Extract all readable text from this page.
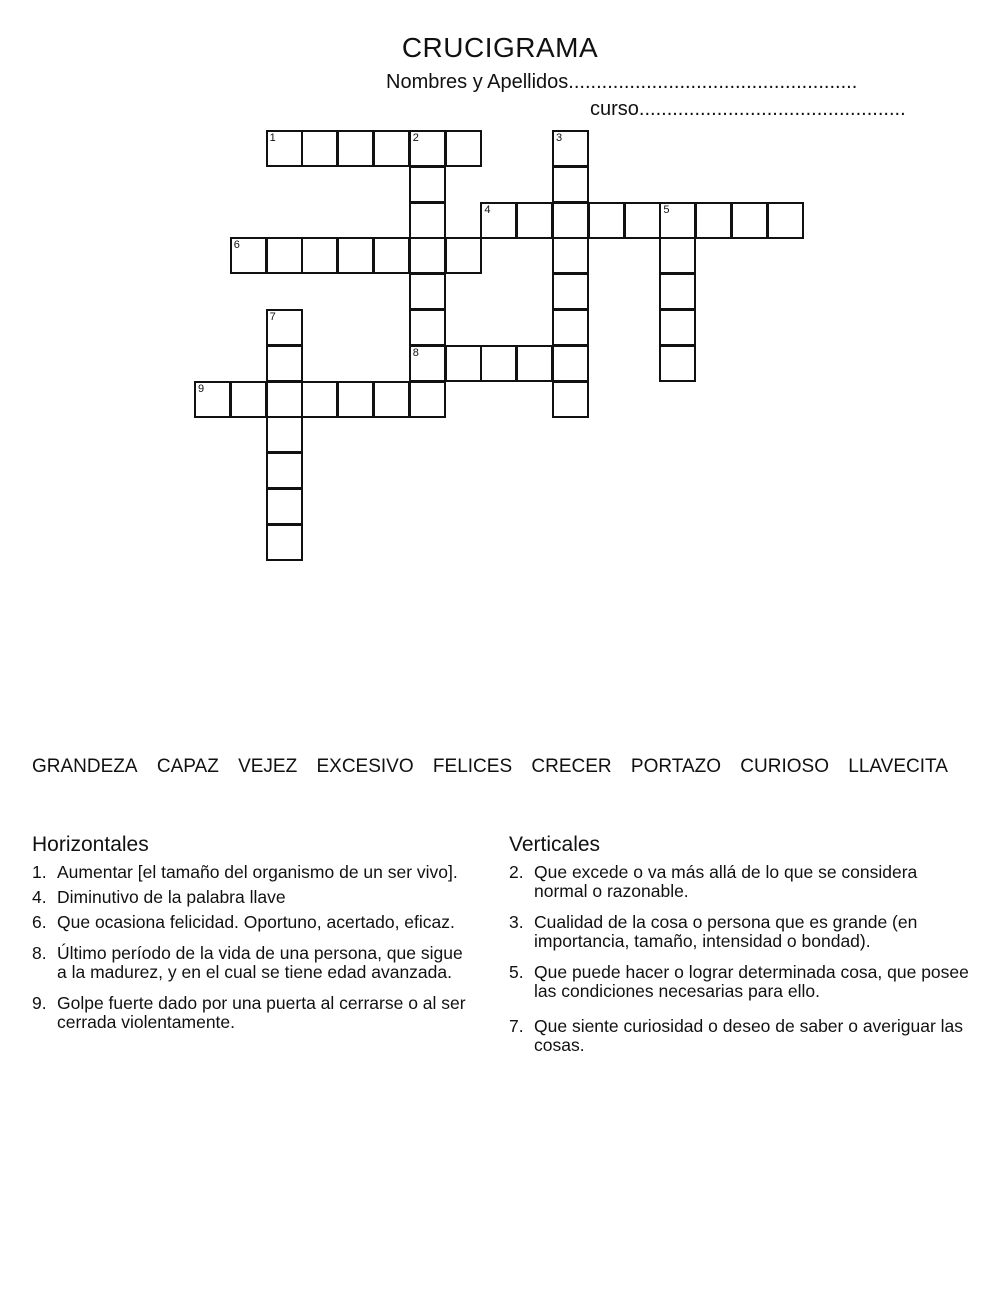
CRUCIGRAMA
Nombres y Apellidos....................................................
curso................................................
1	2	3
4	5
6
7
8
9
GRANDEZA CAPAZ VEJEZ EXCESIVO FELICES CRECER PORTAZO CURIOSO LLAVECITA
Horizontales
1. Aumentar [el tamaño del organismo de un ser vivo].
4. Diminutivo de la palabra llave
6. Que ocasiona felicidad. Oportuno, acertado, eficaz.
8. Último período de la vida de una persona, que sigue a la madurez, y en el cual se tiene edad avanzada.
9. Golpe fuerte dado por una puerta al cerrarse o al ser cerrada violentamente.
Verticales
2. Que excede o va más allá de lo que se considera normal o razonable.
3. Cualidad de la cosa o persona que es grande (en importancia, tamaño, intensidad o bondad).
5. Que puede hacer o lograr determinada cosa, que posee las condiciones necesarias para ello.
7. Que siente curiosidad o deseo de saber o averiguar las cosas.
